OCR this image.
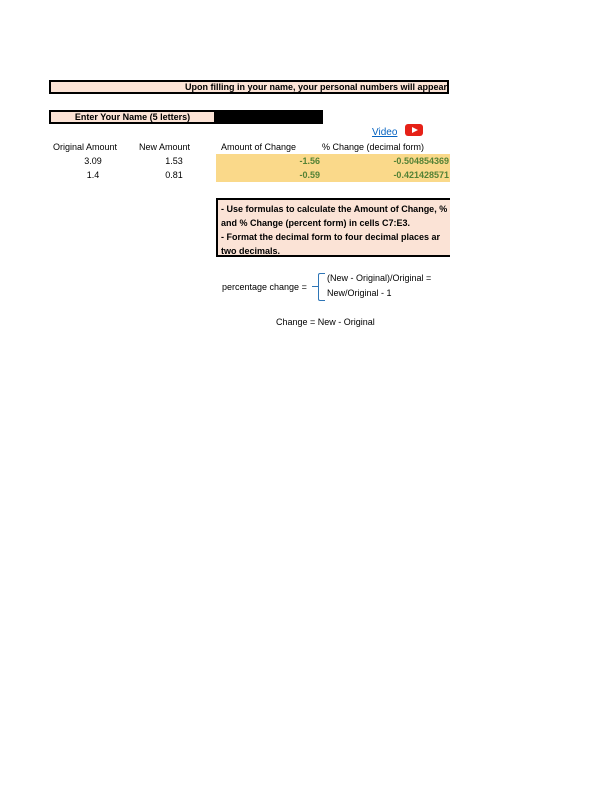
Upon filling in your name, your personal numbers will appear
Enter Your Name (5 letters)
Video
Original Amount New Amount	Amount of Change	% Change (decimal form)
3.09	1.53	-1.56	-0.504854369
1.4	0.81	-0.59	-0.421428571
- Use formulas to calculate the Amount of Change, %
and % Change (percent form) in cells C7:E3.
- Format the decimal form to four decimal places ar
two decimals.
percentage change =
(New - Original)/Original =
New/Original - 1
Change = New - Original
